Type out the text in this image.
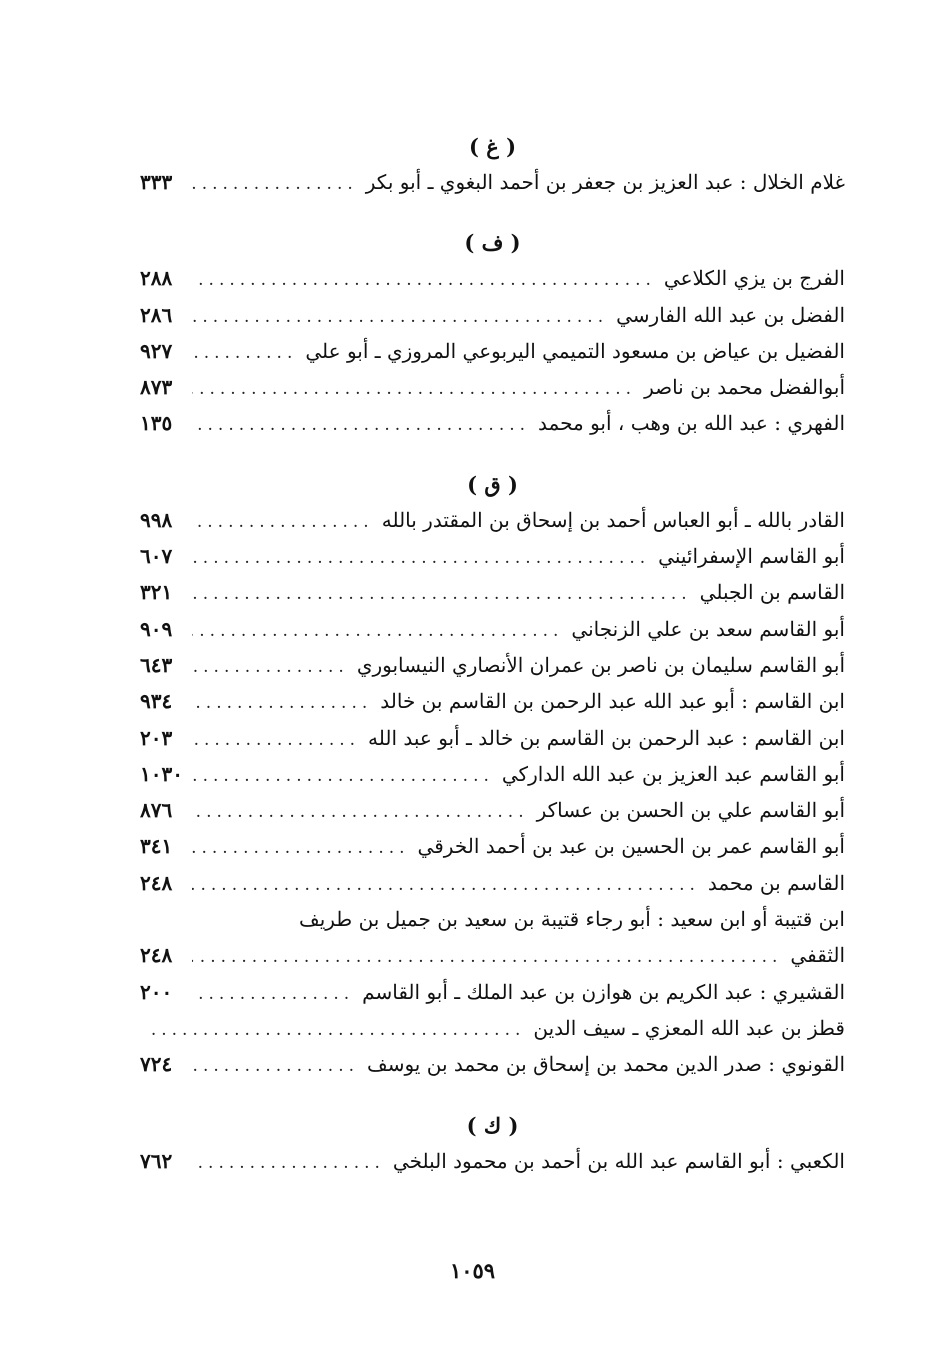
( غ )
غلام الخلال : عبد العزيز بن جعفر بن أحمد البغوي ـ أبو بكر
.....
٣٣٣
( ف )
الفرج بن يزي الكلاعي
.....
٢٨٨
الفضل بن عبد الله الفارسي
.....
٢٨٦
الفضيل بن عياض بن مسعود التميمي اليربوعي المروزي ـ أبو علي
.....
٩٢٧
أبوالفضل محمد بن ناصر
.....
٨٧٣
الفهري : عبد الله بن وهب ، أبو محمد
.....
١٣٥
( ق )
القادر بالله ـ أبو العباس أحمد بن إسحاق بن المقتدر بالله
.....
٩٩٨
أبو القاسم الإسفرائيني
.....
٦٠٧
القاسم بن الجبلي
.....
٣٢١
أبو القاسم سعد بن علي الزنجاني
.....
٩٠٩
أبو القاسم سليمان بن ناصر بن عمران الأنصاري النيسابوري
.....
٦٤٣
ابن القاسم : أبو عبد الله عبد الرحمن بن القاسم بن خالد
.....
٩٣٤
ابن القاسم : عبد الرحمن بن القاسم بن خالد ـ أبو عبد الله
.....
٢٠٣
أبو القاسم عبد العزيز بن عبد الله الداركي
.....
١٠٣٠
أبو القاسم علي بن الحسن بن عساكر
.....
٨٧٦
أبو القاسم عمر بن الحسين بن عبد بن أحمد الخرقي
.....
٣٤١
القاسم بن محمد
.....
٢٤٨
ابن قتيبة أو ابن سعيد : أبو رجاء قتيبة بن سعيد بن جميل بن طريف
الثقفي
.....
٢٤٨
القشيري : عبد الكريم بن هوازن بن عبد الملك ـ أبو القاسم
.....
٢٠٠
قطز بن عبد الله المعزي ـ سيف الدين
.....
القونوي : صدر الدين محمد بن إسحاق بن محمد بن يوسف
.....
٧٢٤
( ك )
الكعبي : أبو القاسم عبد الله بن أحمد بن محمود البلخي
.....
٧٦٢
١٠٥٩
